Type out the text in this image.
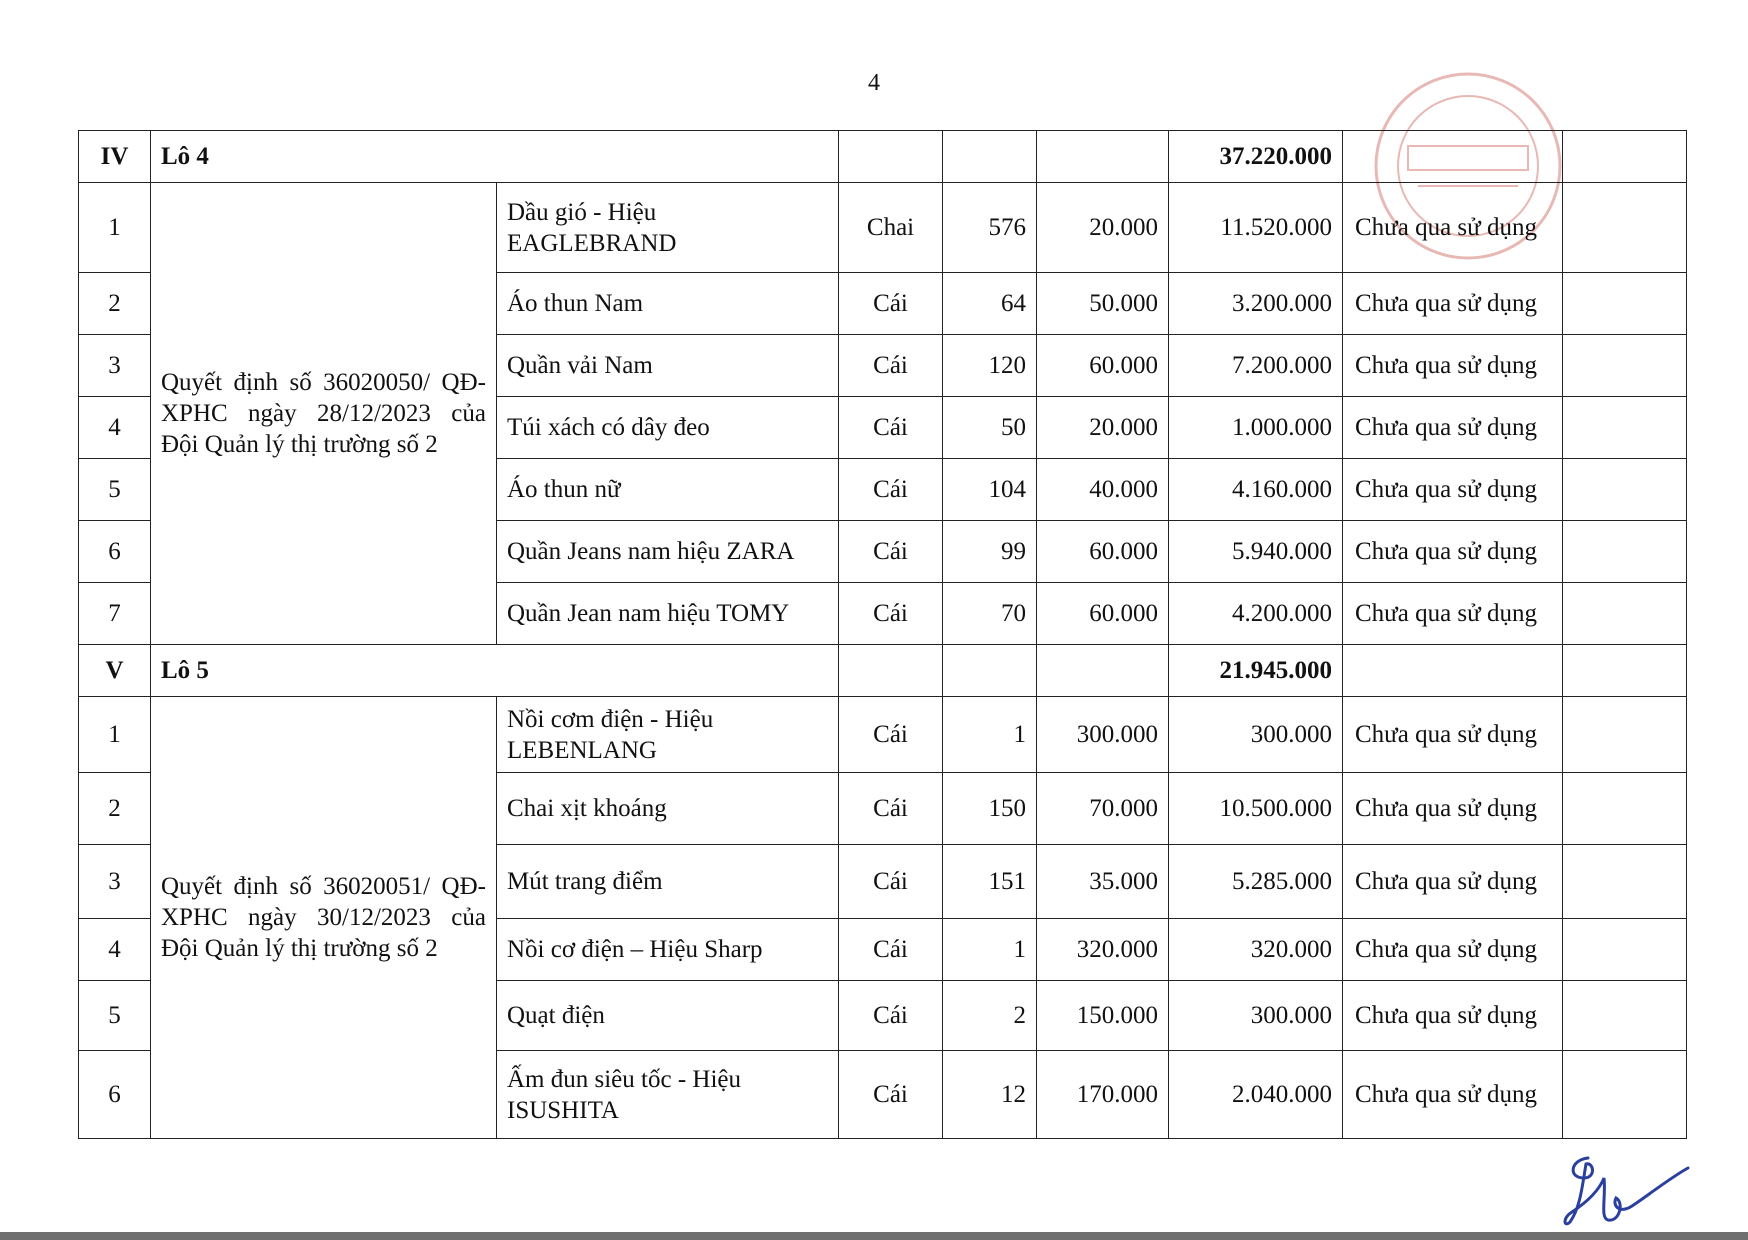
4
IV	Lô 4					37.220.000		
1	Quyết định số 36020050/ QĐ-XPHC ngày 28/12/2023 của Đội Quản lý thị trường số 2	Dầu gió - Hiệu EAGLEBRAND	Chai	576	20.000	11.520.000	Chưa qua sử dụng	
2		Áo thun Nam	Cái	64	50.000	3.200.000	Chưa qua sử dụng	
3		Quần vải Nam	Cái	120	60.000	7.200.000	Chưa qua sử dụng	
4		Túi xách có dây đeo	Cái	50	20.000	1.000.000	Chưa qua sử dụng	
5		Áo thun nữ	Cái	104	40.000	4.160.000	Chưa qua sử dụng	
6		Quần Jeans nam hiệu ZARA	Cái	99	60.000	5.940.000	Chưa qua sử dụng	
7		Quần Jean nam hiệu TOMY	Cái	70	60.000	4.200.000	Chưa qua sử dụng	
V	Lô 5					21.945.000		
1	Quyết định số 36020051/ QĐ-XPHC ngày 30/12/2023 của Đội Quản lý thị trường số 2	Nồi cơm điện - Hiệu LEBENLANG	Cái	1	300.000	300.000	Chưa qua sử dụng	
2		Chai xịt khoáng	Cái	150	70.000	10.500.000	Chưa qua sử dụng	
3		Mút trang điểm	Cái	151	35.000	5.285.000	Chưa qua sử dụng	
4		Nồi cơ điện – Hiệu Sharp	Cái	1	320.000	320.000	Chưa qua sử dụng	
5		Quạt điện	Cái	2	150.000	300.000	Chưa qua sử dụng	
6		Ấm đun siêu tốc - Hiệu ISUSHITA	Cái	12	170.000	2.040.000	Chưa qua sử dụng	
